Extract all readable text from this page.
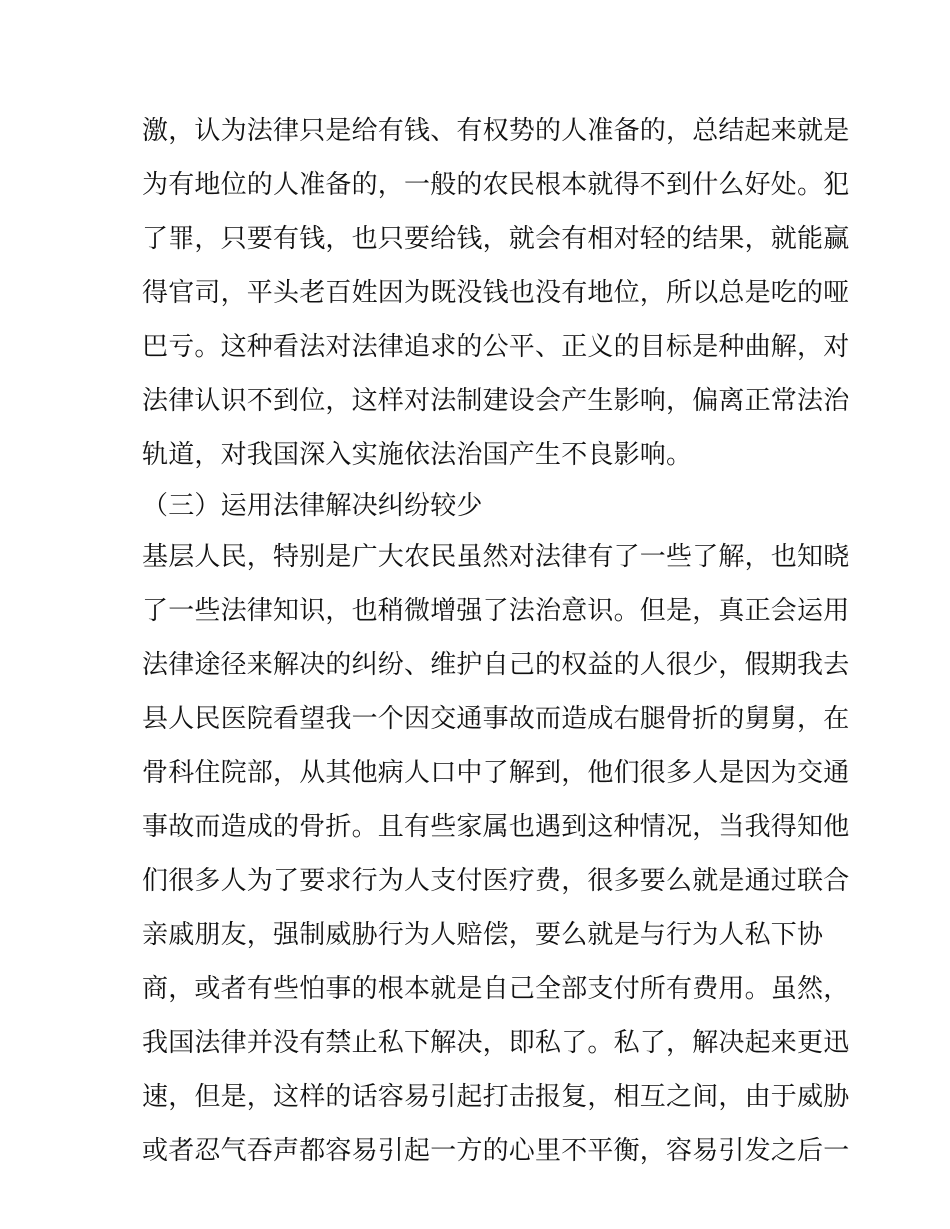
激，认为法律只是给有钱、有权势的人准备的，总结起来就是
为有地位的人准备的，一般的农民根本就得不到什么好处。犯
了罪，只要有钱，也只要给钱，就会有相对轻的结果，就能赢
得官司，平头老百姓因为既没钱也没有地位，所以总是吃的哑
巴亏。这种看法对法律追求的公平、正义的目标是种曲解，对
法律认识不到位，这样对法制建设会产生影响，偏离正常法治
轨道，对我国深入实施依法治国产生不良影响。
（三）运用法律解决纠纷较少
基层人民，特别是广大农民虽然对法律有了一些了解，也知晓
了一些法律知识，也稍微增强了法治意识。但是，真正会运用
法律途径来解决的纠纷、维护自己的权益的人很少，假期我去
县人民医院看望我一个因交通事故而造成右腿骨折的舅舅，在
骨科住院部，从其他病人口中了解到，他们很多人是因为交通
事故而造成的骨折。且有些家属也遇到这种情况，当我得知他
们很多人为了要求行为人支付医疗费，很多要么就是通过联合
亲戚朋友，强制威胁行为人赔偿，要么就是与行为人私下协
商，或者有些怕事的根本就是自己全部支付所有费用。虽然，
我国法律并没有禁止私下解决，即私了。私了，解决起来更迅
速，但是，这样的话容易引起打击报复，相互之间，由于威胁
或者忍气吞声都容易引起一方的心里不平衡，容易引发之后一
